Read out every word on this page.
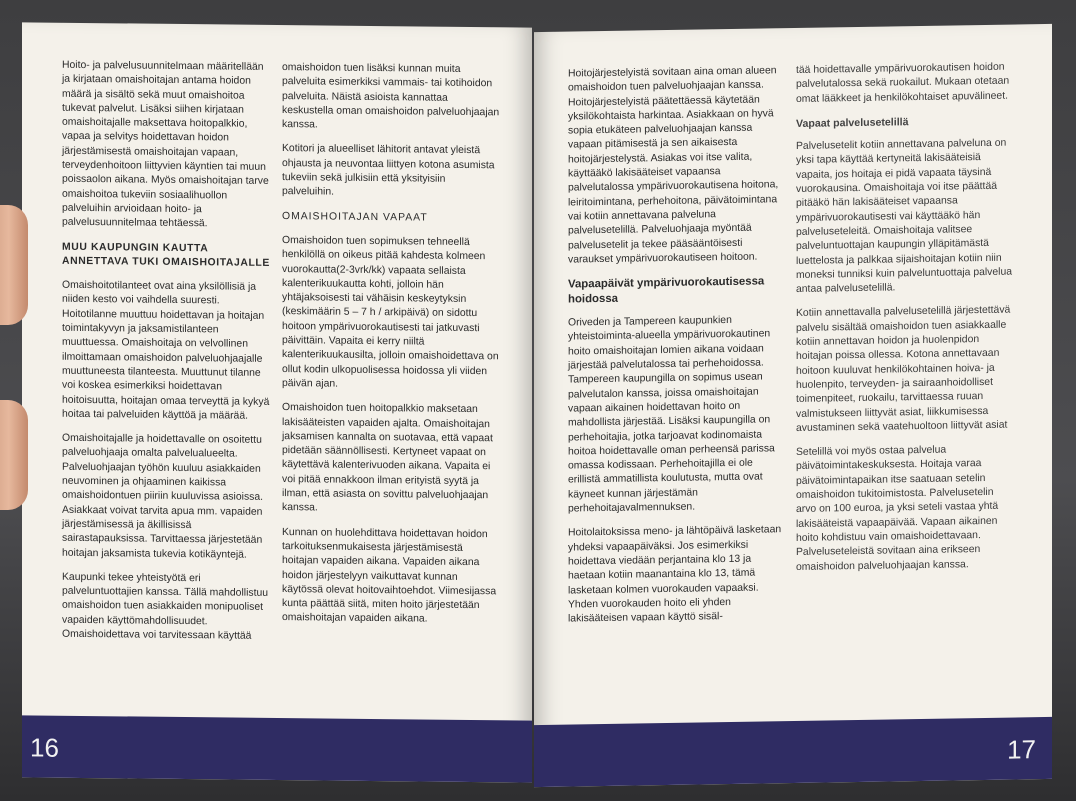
Hoito- ja palvelusuunnitelmaan määritellään ja kirjataan omaishoitajan antama hoidon määrä ja sisältö sekä muut omaishoitoa tukevat palvelut. Lisäksi siihen kirjataan omaishoitajalle maksettava hoitopalkkio, vapaa ja selvitys hoidettavan hoidon järjestämisestä omaishoitajan vapaan, terveydenhoitoon liittyvien käyntien tai muun poissaolon aikana. Myös omaishoitajan tarve omaishoitoa tukeviin sosiaalihuollon palveluihin arvioidaan hoito- ja palvelusuunnitelmaa tehtäessä.

MUU KAUPUNGIN KAUTTA ANNETTAVA TUKI OMAISHOITAJALLE

Omaishoitotilanteet ovat aina yksilöllisiä ja niiden kesto voi vaihdella suuresti. Hoitotilanne muuttuu hoidettavan ja hoitajan toimintakyvyn ja jaksamistilanteen muuttuessa. Omaishoitaja on velvollinen ilmoittamaan omaishoidon palveluohjaajalle muuttuneesta tilanteesta. Muuttunut tilanne voi koskea esimerkiksi hoidettavan hoitoisuutta, hoitajan omaa terveyttä ja kykyä hoitaa tai palveluiden käyttöä ja määrää.

Omaishoitajalle ja hoidettavalle on osoitettu palveluohjaaja omalta palvelualueelta. Palveluohjaajan työhön kuuluu asiakkaiden neuvominen ja ohjaaminen kaikissa omaishoidontuen piiriin kuuluvissa asioissa. Asiakkaat voivat tarvita apua mm. vapaiden järjestämisessä ja äkillisissä sairastapauksissa. Tarvittaessa järjestetään hoitajan jaksamista tukevia kotikäyntejä.

Kaupunki tekee yhteistyötä eri palveluntuottajien kanssa. Tällä mahdollistuu omaishoidon tuen asiakkaiden monipuoliset vapaiden käyttömahdollisuudet. Omaishoidettava voi tarvitessaan käyttää

omaishoidon tuen lisäksi kunnan muita palveluita esimerkiksi vammais- tai kotihoidon palveluita. Näistä asioista kannattaa keskustella oman omaishoidon palveluohjaajan kanssa.

Kotitori ja alueelliset lähitorit antavat yleistä ohjausta ja neuvontaa liittyen kotona asumista tukeviin sekä julkisiin että yksityisiin palveluihin.

OMAISHOITAJAN VAPAAT

Omaishoidon tuen sopimuksen tehneellä henkilöllä on oikeus pitää kahdesta kolmeen vuorokautta(2-3vrk/kk) vapaata sellaista kalenterikuukautta kohti, jolloin hän yhtäjaksoisesti tai vähäisin keskeytyksin (keskimäärin 5 – 7 h / arkipäivä) on sidottu hoitoon ympärivuorokautisesti tai jatkuvasti päivittäin. Vapaita ei kerry niiltä kalenterikuukausilta, jolloin omaishoidettava on ollut kodin ulkopuolisessa hoidossa yli viiden päivän ajan.

Omaishoidon tuen hoitopalkkio maksetaan lakisääteisten vapaiden ajalta. Omaishoitajan jaksamisen kannalta on suotavaa, että vapaat pidetään säännöllisesti. Kertyneet vapaat on käytettävä kalenterivuoden aikana. Vapaita ei voi pitää ennakkoon ilman erityistä syytä ja ilman, että asiasta on sovittu palveluohjaajan kanssa.

Kunnan on huolehdittava hoidettavan hoidon tarkoituksenmukaisesta järjestämisestä hoitajan vapaiden aikana. Vapaiden aikana hoidon järjestelyyn vaikuttavat kunnan käytössä olevat hoitovaihtoehdot. Viimesijassa kunta päättää siitä, miten hoito järjestetään omaishoitajan vapaiden aikana.

16

Hoitojärjestelyistä sovitaan aina oman alueen omaishoidon tuen palveluohjaajan kanssa. Hoitojärjestelyistä päätettäessä käytetään yksilökohtaista harkintaa. Asiakkaan on hyvä sopia etukäteen palveluohjaajan kanssa vapaan pitämisestä ja sen aikaisesta hoitojärjestelystä. Asiakas voi itse valita, käyttääkö lakisääteiset vapaansa palvelutalossa ympärivuorokautisena hoitona, leiritoimintana, perhehoitona, päivätoimintana vai kotiin annettavana palveluna palvelusetelillä. Palveluohjaaja myöntää palvelusetelit ja tekee pääsääntöisesti varaukset ympärivuorokautiseen hoitoon.

Vapaapäivät ympärivuorokautisessa hoidossa

Oriveden ja Tampereen kaupunkien yhteistoiminta-alueella ympärivuorokautinen hoito omaishoitajan lomien aikana voidaan järjestää palvelutalossa tai perhehoidossa. Tampereen kaupungilla on sopimus usean palvelutalon kanssa, joissa omaishoitajan vapaan aikainen hoidettavan hoito on mahdollista järjestää. Lisäksi kaupungilla on perhehoitajia, jotka tarjoavat kodinomaista hoitoa hoidettavalle oman perheensä parissa omassa kodissaan. Perhehoitajilla ei ole erillistä ammatillista koulutusta, mutta ovat käyneet kunnan järjestämän perhehoitajavalmennuksen.

Hoitolaitoksissa meno- ja lähtöpäivä lasketaan yhdeksi vapaapäiväksi. Jos esimerkiksi hoidettava viedään perjantaina klo 13 ja haetaan kotiin maanantaina klo 13, tämä lasketaan kolmen vuorokauden vapaaksi. Yhden vuorokauden hoito eli yhden lakisääteisen vapaan käyttö sisäl-

tää hoidettavalle ympärivuorokautisen hoidon palvelutalossa sekä ruokailut. Mukaan otetaan omat lääkkeet ja henkilökohtaiset apuvälineet.

Vapaat palvelusetelillä

Palvelusetelit kotiin annettavana palveluna on yksi tapa käyttää kertyneitä lakisääteisiä vapaita, jos hoitaja ei pidä vapaata täysinä vuorokausina. Omaishoitaja voi itse päättää pitääkö hän lakisääteiset vapaansa ympärivuorokautisesti vai käyttääkö hän palveluseteleitä. Omaishoitaja valitsee palveluntuottajan kaupungin ylläpitämästä luettelosta ja palkkaa sijaishoitajan kotiin niin moneksi tunniksi kuin palveluntuottaja palvelua antaa palvelusetelillä.

Kotiin annettavalla palvelusetelillä järjestettävä palvelu sisältää omaishoidon tuen asiakkaalle kotiin annettavan hoidon ja huolenpidon hoitajan poissa ollessa. Kotona annettavaan hoitoon kuuluvat henkilökohtainen hoiva- ja huolenpito, terveyden- ja sairaanhoidolliset toimenpiteet, ruokailu, tarvittaessa ruuan valmistukseen liittyvät asiat, liikkumisessa avustaminen sekä vaatehuoltoon liittyvät asiat

Setelillä voi myös ostaa palvelua päivätoimintakeskuksesta. Hoitaja varaa päivätoimintapaikan itse saatuaan setelin omaishoidon tukitoimistosta. Palvelusetelin arvo on 100 euroa, ja yksi seteli vastaa yhtä lakisääteistä vapaapäivää. Vapaan aikainen hoito kohdistuu vain omaishoidettavaan. Palveluseteleistä sovitaan aina erikseen omaishoidon palveluohjaajan kanssa.

17
